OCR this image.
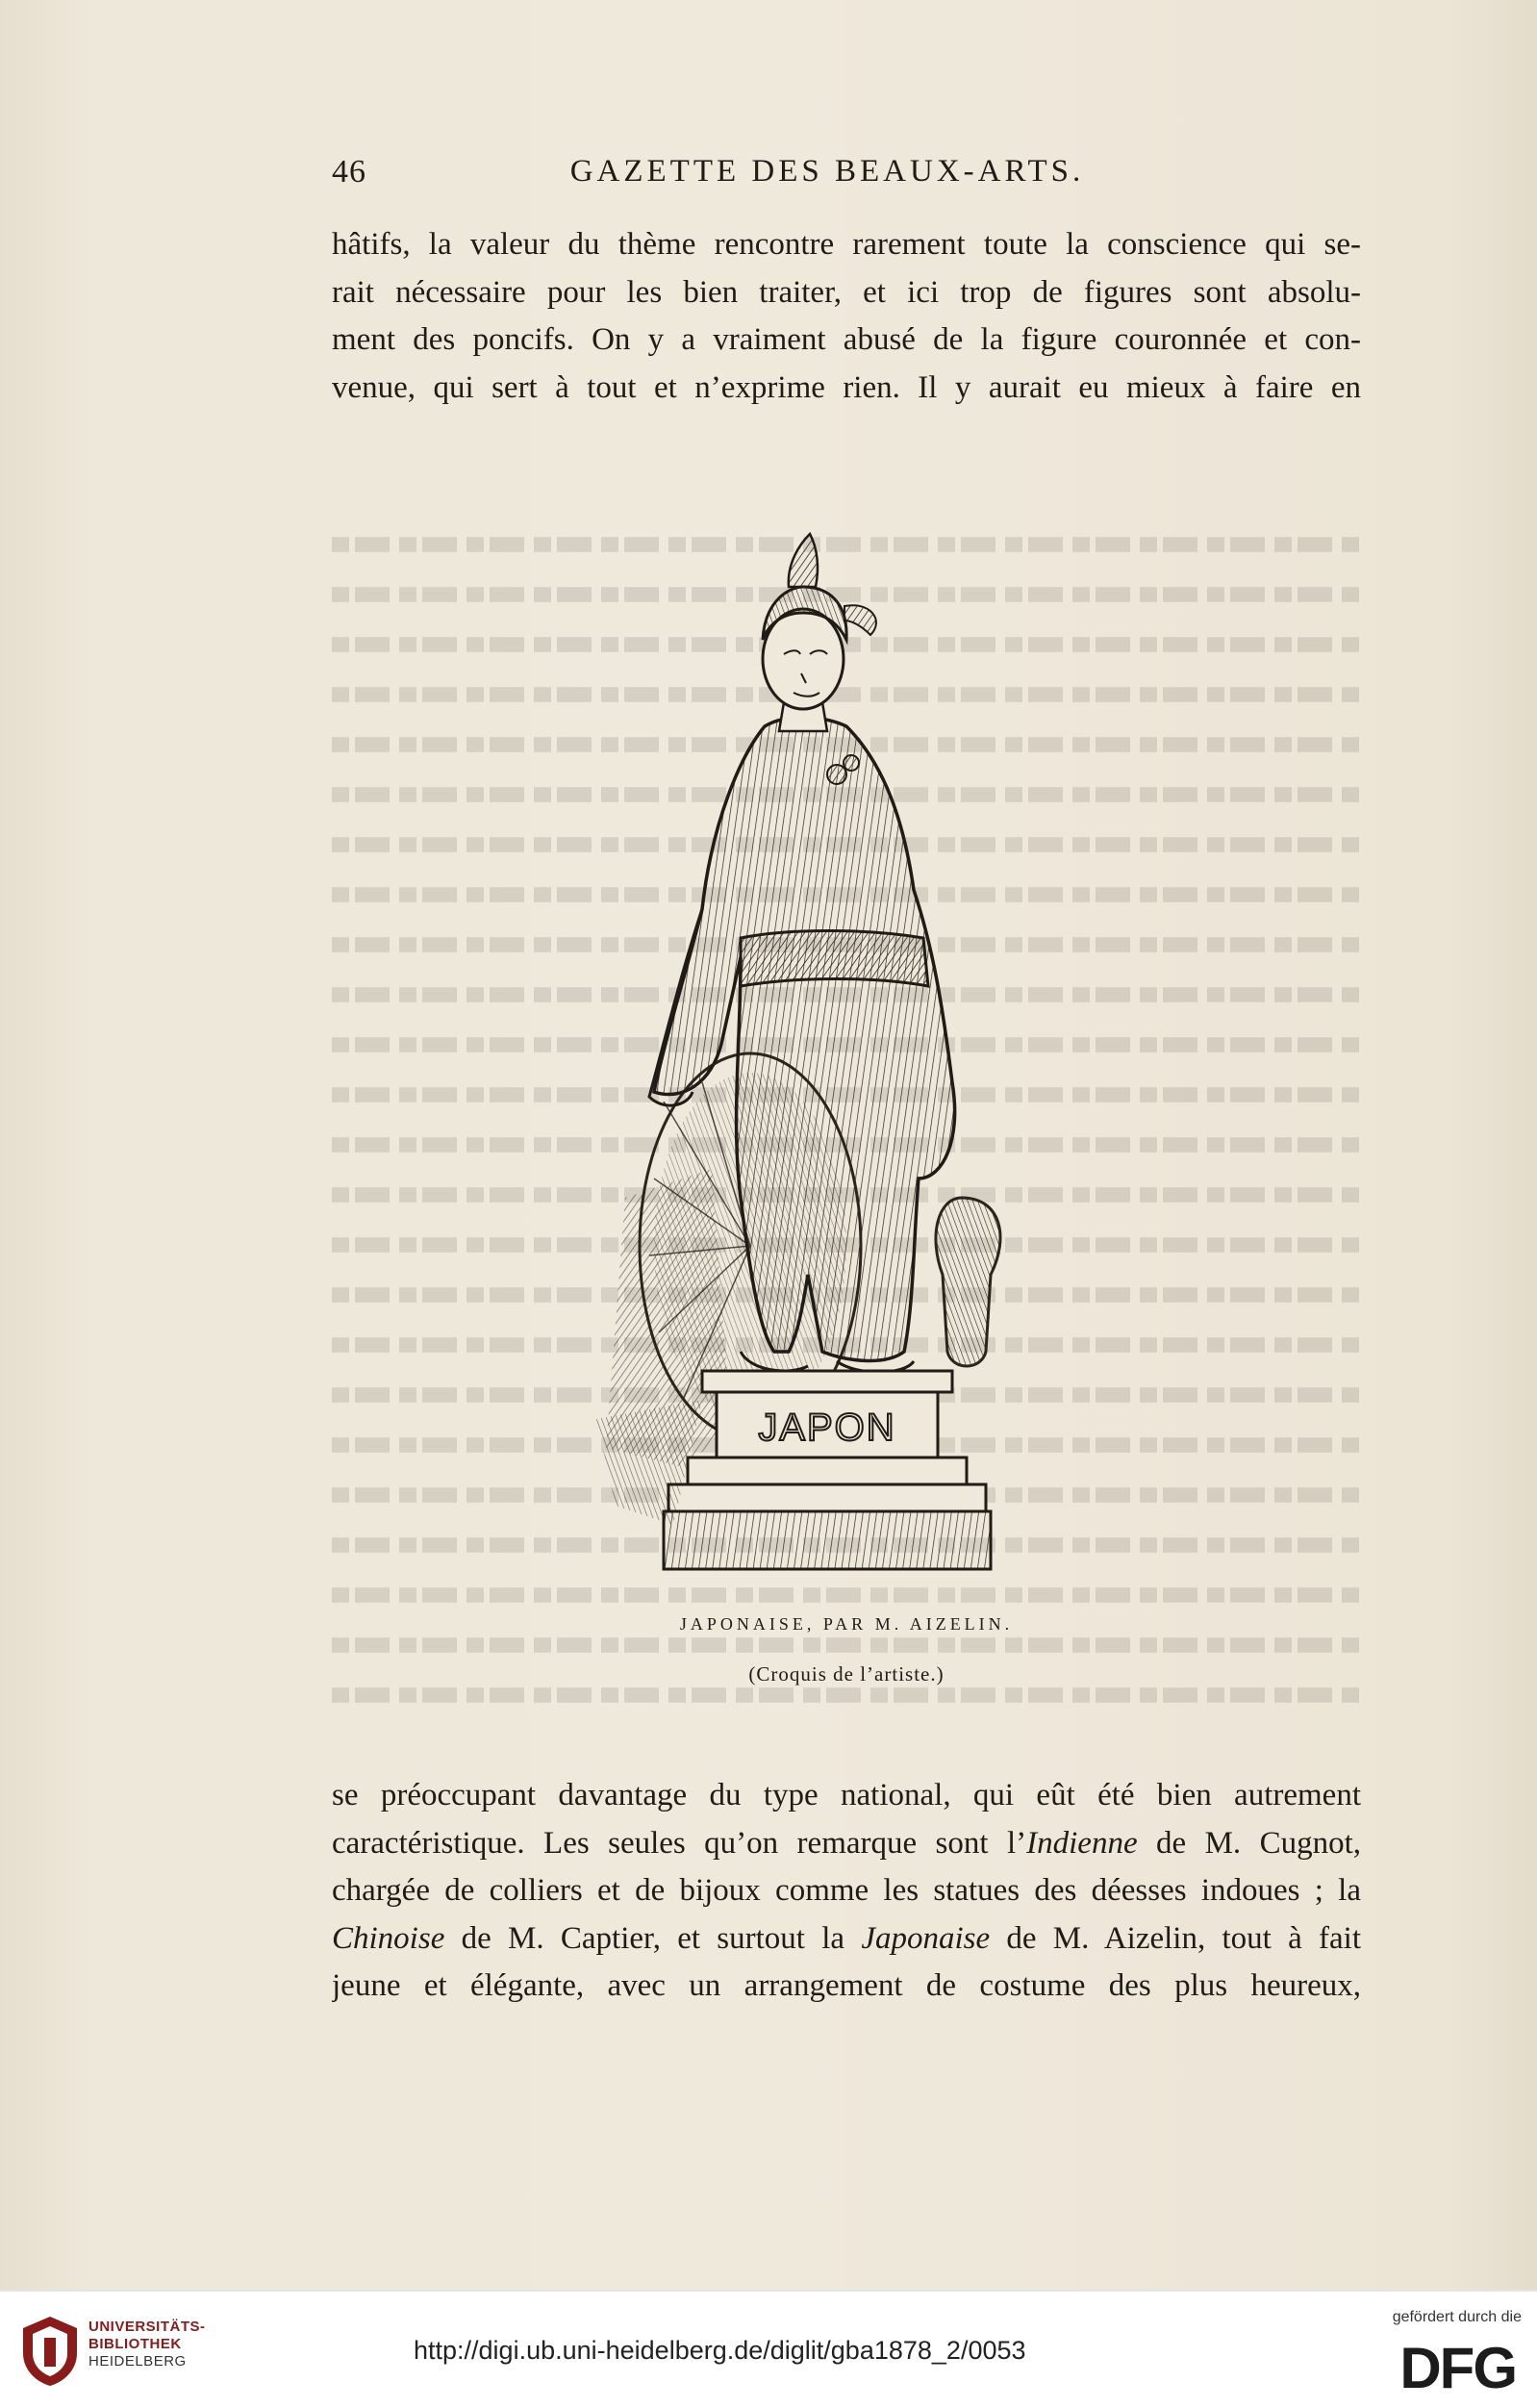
46	GAZETTE DES BEAUX-ARTS.
hâtifs, la valeur du thème rencontre rarement toute la conscience qui se-
rait nécessaire pour les bien traiter, et ici trop de figures sont absolu-
ment des poncifs. On y a vraiment abusé de la figure couronnée et con-
venue, qui sert à tout et n’exprime rien. Il y aurait eu mieux à faire en
JAPON
JAPONAISE, PAR M. AIZELIN.
(Croquis de l’artiste.)
se préoccupant davantage du type national, qui eût été bien autrement
caractéristique. Les seules qu’on remarque sont l’Indienne de M. Cugnot,
chargée de colliers et de bijoux comme les statues des déesses indoues ; la
Chinoise de M. Captier, et surtout la Japonaise de M. Aizelin, tout à fait
jeune et élégante, avec un arrangement de costume des plus heureux,
UNIVERSITÄTS-
BIBLIOTHEK
HEIDELBERG	http://digi.ub.uni-heidelberg.de/diglit/gba1878_2/0053
gefördert durch die
DFG
